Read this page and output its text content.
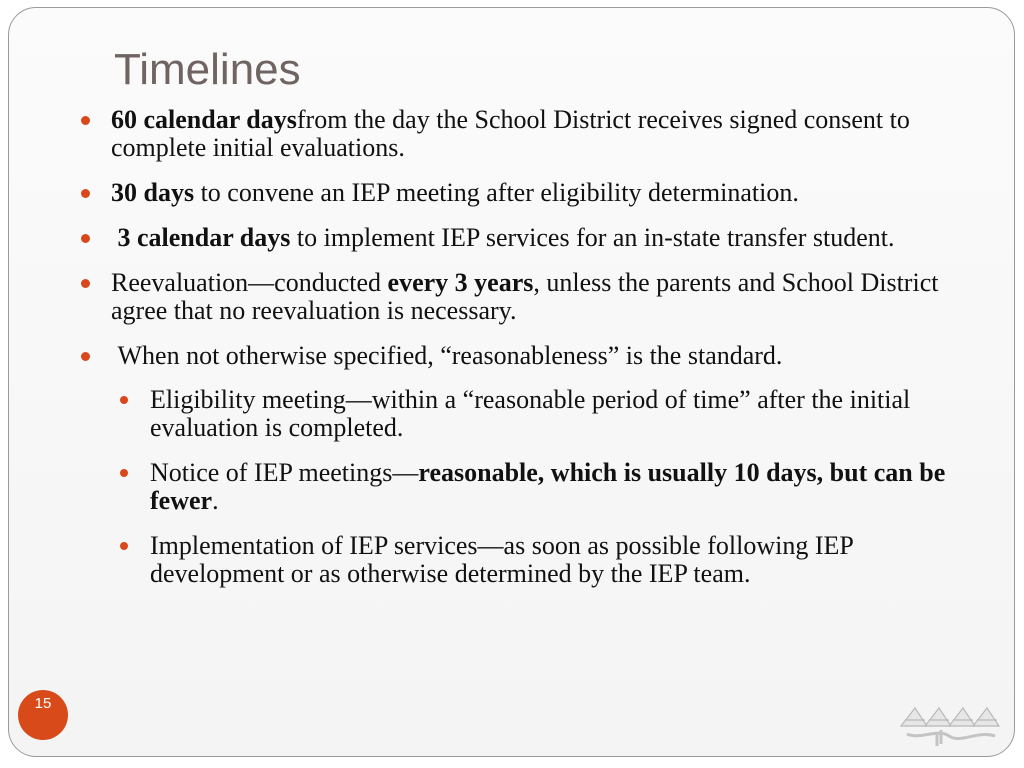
Timelines

60 calendar daysfrom the day the School District receives signed consent to complete initial evaluations.

30 days to convene an IEP meeting after eligibility determination.

3 calendar days to implement IEP services for an in-state transfer student.

Reevaluation—conducted every 3 years, unless the parents and School District agree that no reevaluation is necessary.

When not otherwise specified, “reasonableness” is the standard.

Eligibility meeting—within a “reasonable period of time” after the initial evaluation is completed.

Notice of IEP meetings—reasonable, which is usually 10 days, but can be fewer.

Implementation of IEP services—as soon as possible following IEP development or as otherwise determined by the IEP team.

15
